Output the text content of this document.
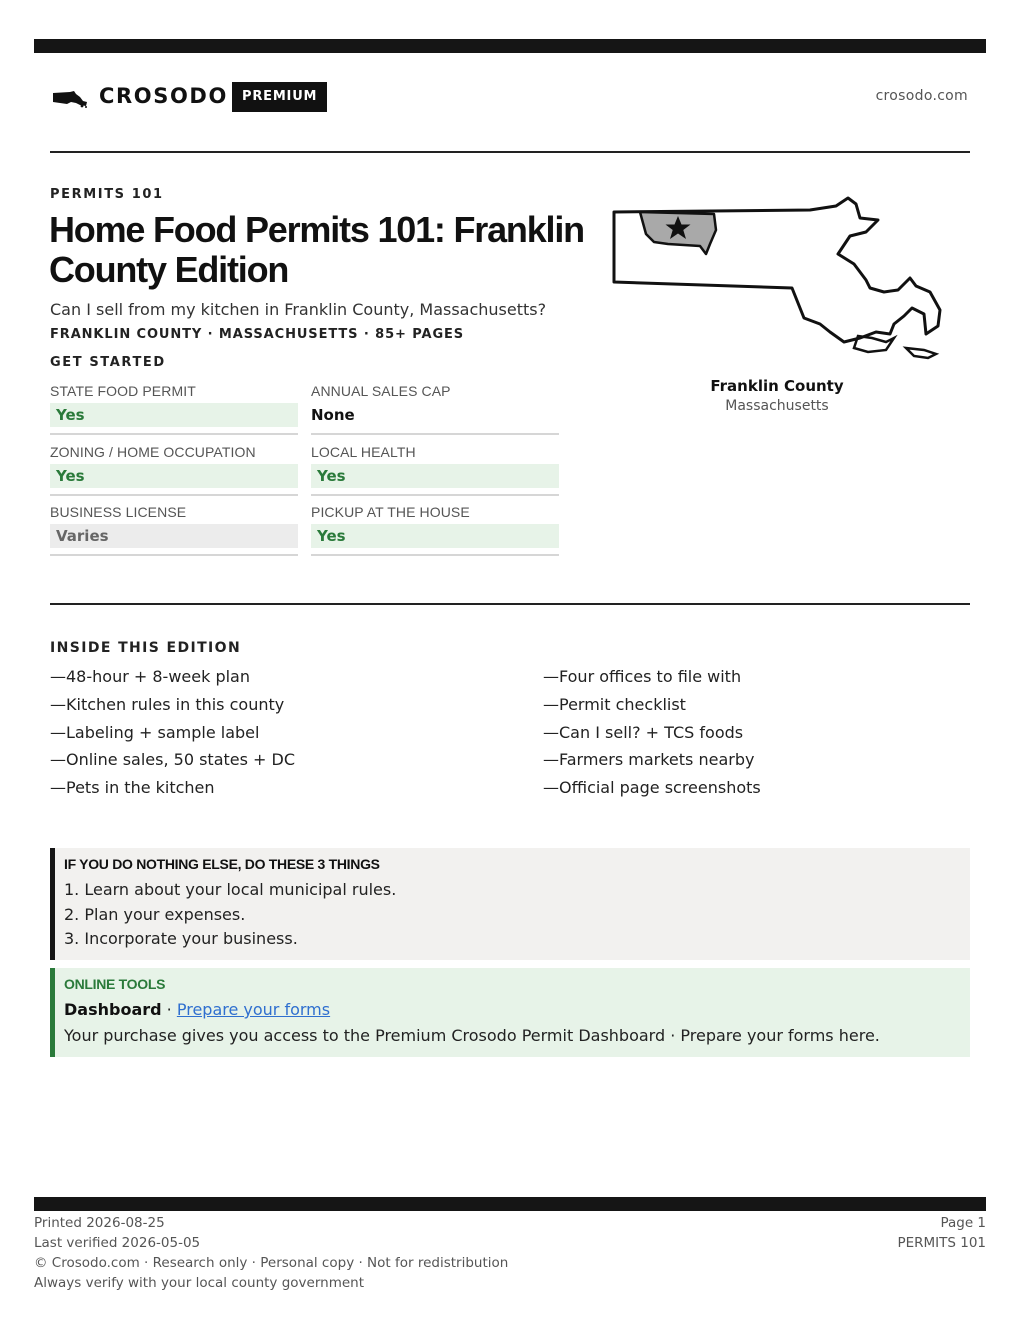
CROSODO	PREMIUM	crosodo.com
PERMITS 101
Home Food Permits 101: Franklin County Edition
Can I sell from my kitchen in Franklin County, Massachusetts?
FRANKLIN COUNTY · MASSACHUSETTS · 85+ PAGES
GET STARTED
STATE FOOD PERMIT
Yes
ANNUAL SALES CAP
None
ZONING / HOME OCCUPATION
Yes
LOCAL HEALTH
Yes
BUSINESS LICENSE
Varies
PICKUP AT THE HOUSE
Yes
Franklin County
Massachusetts
INSIDE THIS EDITION
—48-hour + 8-week plan
—Kitchen rules in this county
—Labeling + sample label
—Online sales, 50 states + DC
—Pets in the kitchen
—Four offices to file with
—Permit checklist
—Can I sell? + TCS foods
—Farmers markets nearby
—Official page screenshots
IF YOU DO NOTHING ELSE, DO THESE 3 THINGS
1. Learn about your local municipal rules.
2. Plan your expenses.
3. Incorporate your business.
ONLINE TOOLS
Dashboard · Prepare your forms
Your purchase gives you access to the Premium Crosodo Permit Dashboard · Prepare your forms here.
Printed 2026-08-25
Last verified 2026-05-05
© Crosodo.com · Research only · Personal copy · Not for redistribution
Always verify with your local county government
Page 1
PERMITS 101
